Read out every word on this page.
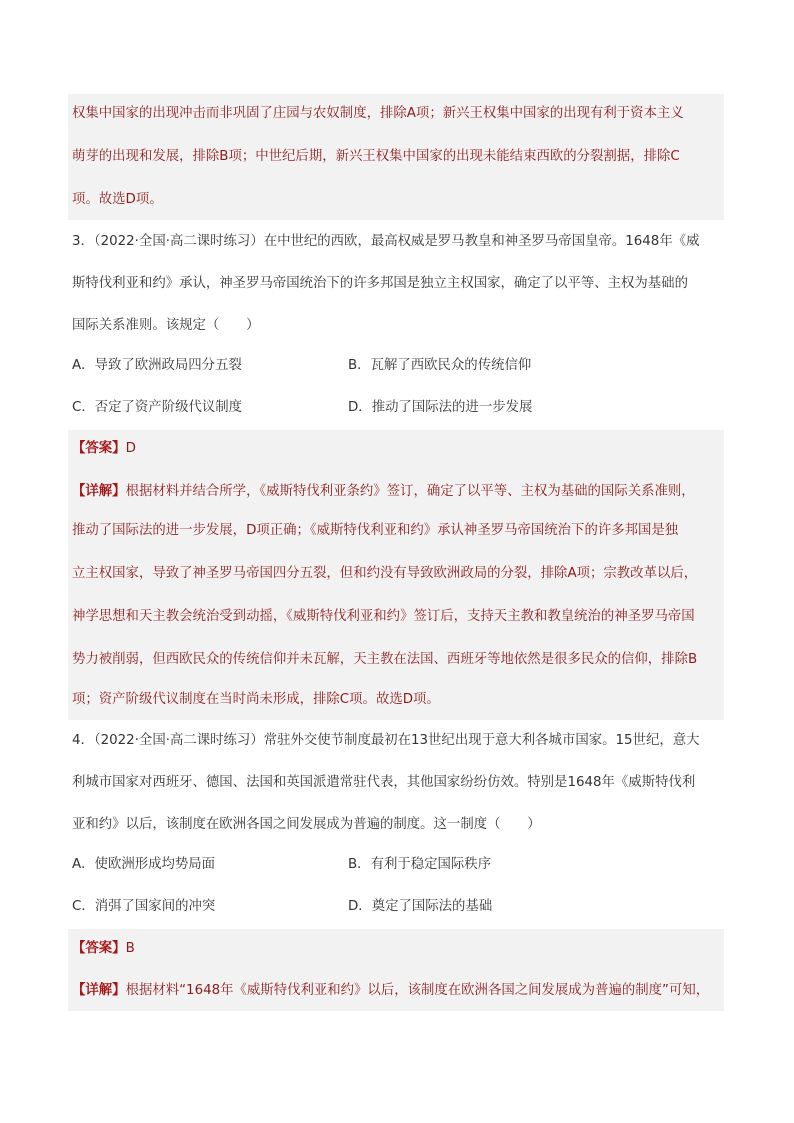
权集中国家的出现冲击而非巩固了庄园与农奴制度，排除A项；新兴王权集中国家的出现有利于资本主义
萌芽的出现和发展，排除B项；中世纪后期，新兴王权集中国家的出现未能结束西欧的分裂割据，排除C
项。故选D项。
3．（2022·全国·高二课时练习）在中世纪的西欧，最高权威是罗马教皇和神圣罗马帝国皇帝。1648年《威
斯特伐利亚和约》承认，神圣罗马帝国统治下的许多邦国是独立主权国家，确定了以平等、主权为基础的
国际关系准则。该规定（　　）
A．导致了欧洲政局四分五裂	B．瓦解了西欧民众的传统信仰
C．否定了资产阶级代议制度	D．推动了国际法的进一步发展
【答案】D
【详解】根据材料并结合所学，《威斯特伐利亚条约》签订，确定了以平等、主权为基础的国际关系准则，
推动了国际法的进一步发展，D项正确；《威斯特伐利亚和约》承认神圣罗马帝国统治下的许多邦国是独
立主权国家，导致了神圣罗马帝国四分五裂，但和约没有导致欧洲政局的分裂，排除A项；宗教改革以后，
神学思想和天主教会统治受到动摇，《威斯特伐利亚和约》签订后，支持天主教和教皇统治的神圣罗马帝国
势力被削弱，但西欧民众的传统信仰并未瓦解，天主教在法国、西班牙等地依然是很多民众的信仰，排除B
项；资产阶级代议制度在当时尚未形成，排除C项。故选D项。
4．（2022·全国·高二课时练习）常驻外交使节制度最初在13世纪出现于意大利各城市国家。15世纪，意大
利城市国家对西班牙、德国、法国和英国派遣常驻代表，其他国家纷纷仿效。特别是1648年《威斯特伐利
亚和约》以后，该制度在欧洲各国之间发展成为普遍的制度。这一制度（　　）
A．使欧洲形成均势局面	B．有利于稳定国际秩序
C．消弭了国家间的冲突	D．奠定了国际法的基础
【答案】B
【详解】根据材料“1648年《威斯特伐利亚和约》以后，该制度在欧洲各国之间发展成为普遍的制度”可知，
